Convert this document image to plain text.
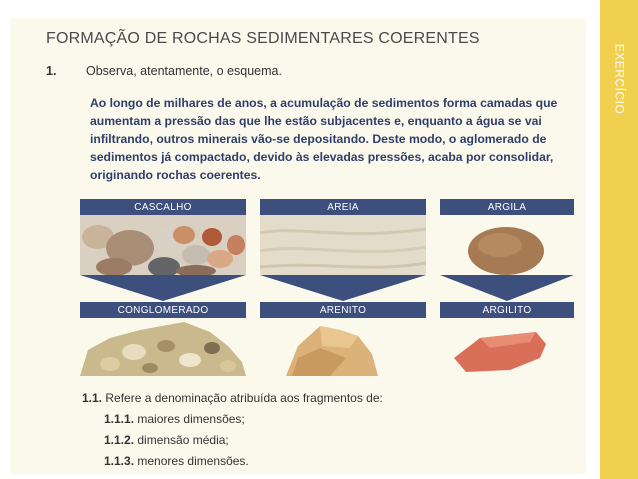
EXERCÍCIO
FORMAÇÃO DE ROCHAS SEDIMENTARES COERENTES
1. Observa, atentamente, o esquema.
Ao longo de milhares de anos, a acumulação de sedimentos forma camadas que aumentam a pressão das que lhe estão subjacentes e, enquanto a água se vai infiltrando, outros minerais vão-se depositando. Deste modo, o aglomerado de sedimentos já compactado, devido às elevadas pressões, acaba por consolidar, originando rochas coerentes.
CASCALHO
CONGLOMERADO
AREIA
ARENITO
ARGILA
ARGILITO
1.1. Refere a denominação atribuída aos fragmentos de:
1.1.1. maiores dimensões;
1.1.2. dimensão média;
1.1.3. menores dimensões.
